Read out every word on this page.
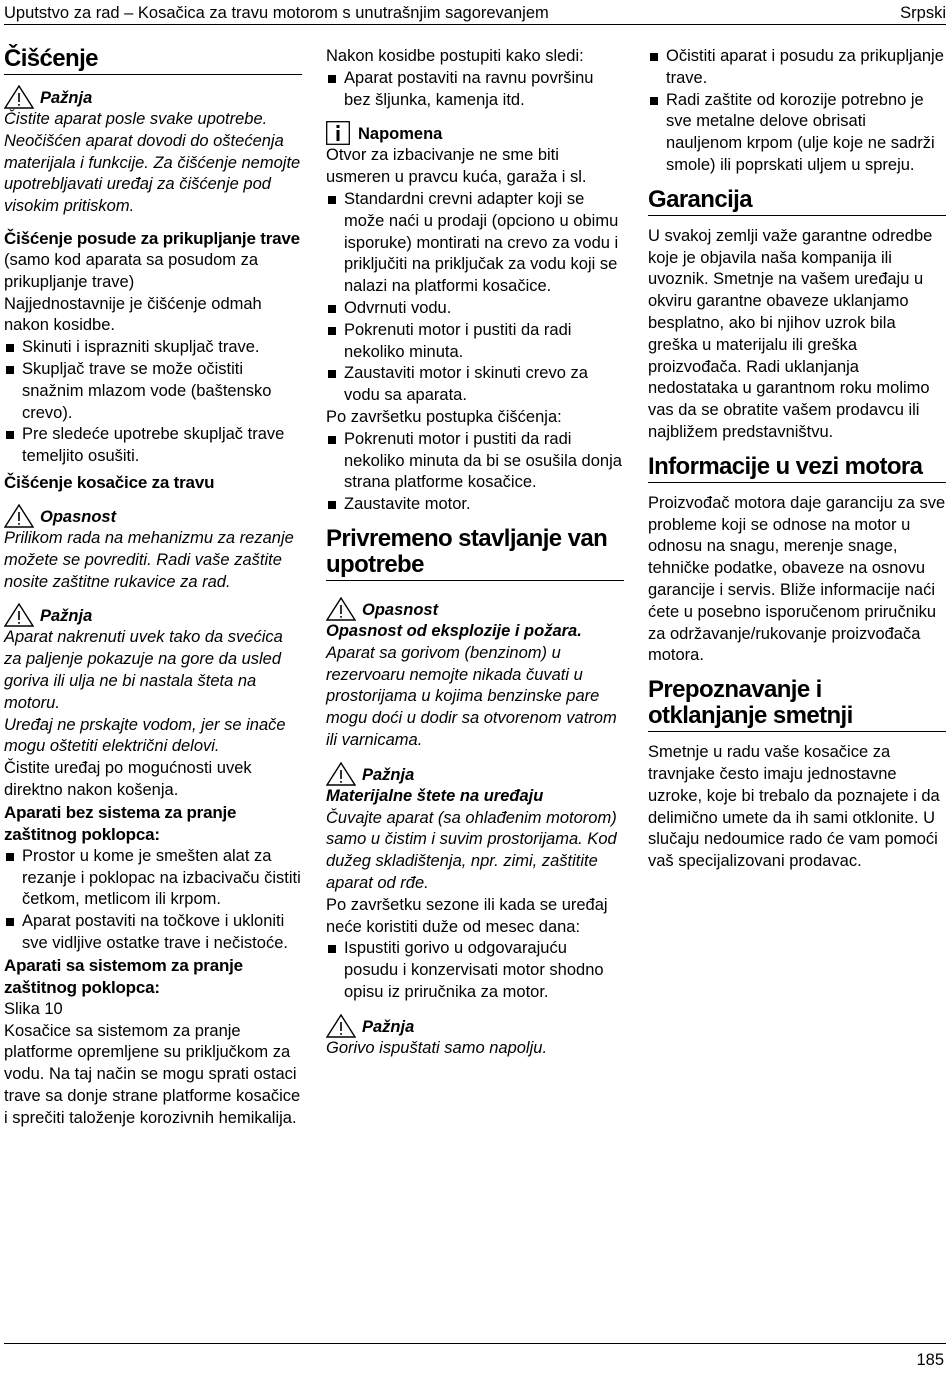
Uputstvo za rad – Kosačica za travu motorom s unutrašnjim sagorevanjem	Srpski
Čišćenje
Pažnja

Čistite aparat posle svake upotrebe. Neočišćen aparat dovodi do oštećenja materijala i funkcije. Za čišćenje nemojte upotrebljavati uređaj za čišćenje pod visokim pritiskom.

Čišćenje posude za prikupljanje trave

(samo kod aparata sa posudom za prikupljanje trave)

Najjednostavnije je čišćenje odmah nakon kosidbe.

Skinuti i isprazniti skupljač trave.
Skupljač trave se može očistiti snažnim mlazom vode (baštensko crevo).
Pre sledeće upotrebe skupljač trave temeljito osušiti.
Čišćenje kosačice za travu
Opasnost

Prilikom rada na mehanizmu za rezanje možete se povrediti. Radi vaše zaštite nosite zaštitne rukavice za rad.

Pažnja

Aparat nakrenuti uvek tako da svećica za paljenje pokazuje na gore da usled goriva ili ulja ne bi nastala šteta na motoru.

Uređaj ne prskajte vodom, jer se inače mogu oštetiti električni delovi.

Čistite uređaj po mogućnosti uvek direktno nakon košenja.

Aparati bez sistema za pranje zaštitnog poklopca:
Prostor u kome je smešten alat za rezanje i poklopac na izbacivaču čistiti četkom, metlicom ili krpom.
Aparat postaviti na točkove i ukloniti sve vidljive ostatke trave i nečistoće.
Aparati sa sistemom za pranje zaštitnog poklopca:

Slika 10

Kosačice sa sistemom za pranje platforme opremljene su priključkom za vodu. Na taj način se mogu sprati ostaci trave sa donje strane platforme kosačice i sprečiti taloženje korozivnih hemikalija.

Nakon kosidbe postupiti kako sledi:

Aparat postaviti na ravnu površinu bez šljunka, kamenja itd.
Napomena

Otvor za izbacivanje ne sme biti usmeren u pravcu kuća, garaža i sl.

Standardni crevni adapter koji se može naći u prodaji (opciono u obimu isporuke) montirati na crevo za vodu i priključiti na priključak za vodu koji se nalazi na platformi kosačice.
Odvrnuti vodu.
Pokrenuti motor i pustiti da radi nekoliko minuta.
Zaustaviti motor i skinuti crevo za vodu sa aparata.

Po završetku postupka čišćenja:

Pokrenuti motor i pustiti da radi nekoliko minuta da bi se osušila donja strana platforme kosačice.
Zaustavite motor.
Privremeno stavljanje van upotrebe
Opasnost

Opasnost od eksplozije i požara.

Aparat sa gorivom (benzinom) u rezervoaru nemojte nikada čuvati u prostorijama u kojima benzinske pare mogu doći u dodir sa otvorenom vatrom ili varnicama.

Pažnja

Materijalne štete na uređaju

Čuvajte aparat (sa ohlađenim motorom) samo u čistim i suvim prostorijama. Kod dužeg skladištenja, npr. zimi, zaštitite aparat od rđe.

Po završetku sezone ili kada se uređaj neće koristiti duže od mesec dana:

Ispustiti gorivo u odgovarajuću posudu i konzervisati motor shodno opisu iz priručnika za motor.
Pažnja

Gorivo ispuštati samo napolju.

Očistiti aparat i posudu za prikupljanje trave.
Radi zaštite od korozije potrebno je sve metalne delove obrisati nauljenom krpom (ulje koje ne sadrži smole) ili poprskati uljem u spreju.
Garancija

U svakoj zemlji važe garantne odredbe koje je objavila naša kompanija ili uvoznik. Smetnje na vašem uređaju u okviru garantne obaveze uklanjamo besplatno, ako bi njihov uzrok bila greška u materijalu ili greška proizvođača. Radi uklanjanja nedostataka u garantnom roku molimo vas da se obratite vašem prodavcu ili najbližem predstavništvu.

Informacije u vezi motora

Proizvođač motora daje garanciju za sve probleme koji se odnose na motor u odnosu na snagu, merenje snage, tehničke podatke, obaveze na osnovu garancije i servis. Bliže informacije naći ćete u posebno isporučenom priručniku za održavanje/rukovanje proizvođača motora.

Prepoznavanje i otklanjanje smetnji

Smetnje u radu vaše kosačice za travnjake često imaju jednostavne uzroke, koje bi trebalo da poznajete i da delimično umete da ih sami otklonite. U slučaju nedoumice rado će vam pomoći vaš specijalizovani prodavac.

185
